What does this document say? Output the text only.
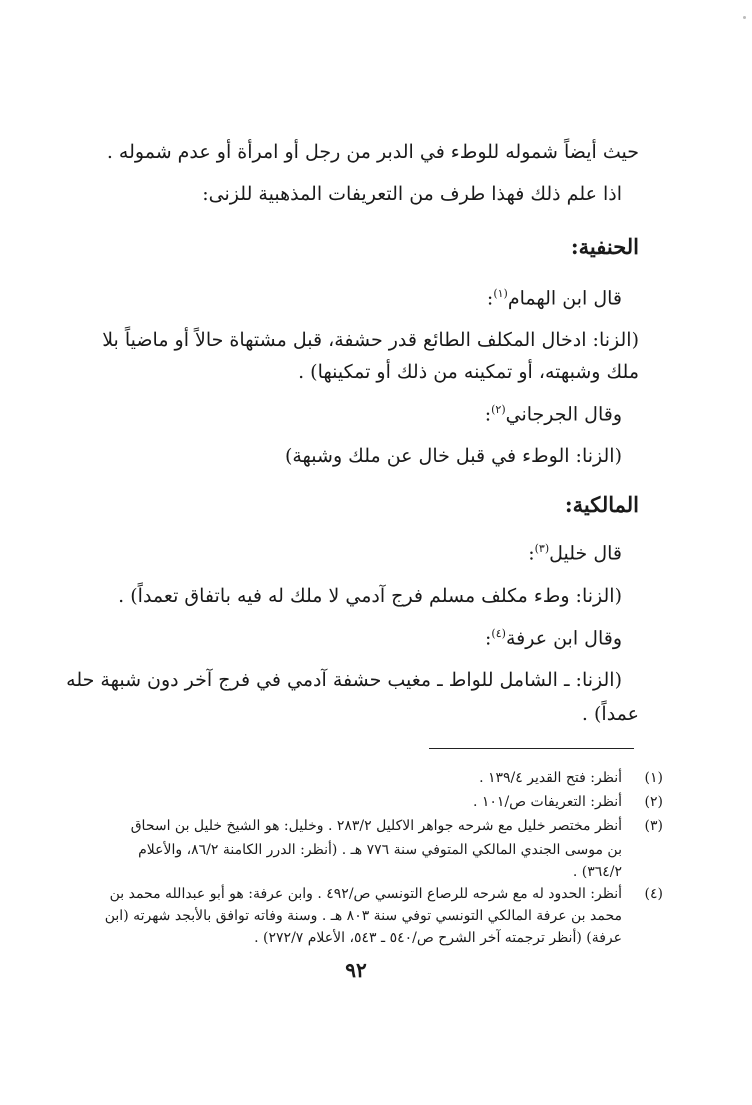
حيث أيضاً شموله للوطء في الدبر من رجل أو امرأة أو عدم شموله .
اذا علم ذلك فهذا طرف من التعريفات المذهبية للزنى:
الحنفية:
قال ابن الهمام$^{(١)}$:
(الزنا: ادخال المكلف الطائع قدر حشفة، قبل مشتهاة حالاً أو ماضياً بلا
ملك وشبهته، أو تمكينه من ذلك أو تمكينها) .
وقال الجرجاني$^{(٢)}$:
(الزنا: الوطء في قبل خال عن ملك وشبهة)
المالكية:
قال خليل$^{(٣)}$:
(الزنا: وطء مكلف مسلم فرج آدمي لا ملك له فيه باتفاق تعمداً) .
وقال ابن عرفة$^{(٤)}$:
(الزنا: ـ الشامل للواط ـ مغيب حشفة آدمي في فرج آخر دون شبهة حله
عمداً) .
(١)
أنظر: فتح القدير ١٣٩/٤ .
(٢)
أنظر: التعريفات ص/١٠١ .
(٣)
أنظر مختصر خليل مع شرحه جواهر الاكليل ٢٨٣/٢ . وخليل: هو الشيخ خليل بن اسحاق
بن موسى الجندي المالكي المتوفي سنة ٧٧٦ هـ . (أنظر: الدرر الكامنة ٨٦/٢، والأعلام
٣٦٤/٢) .
(٤)
أنظر: الحدود له مع شرحه للرصاع التونسي ص/٤٩٢ . وابن عرفة: هو أبو عبدالله محمد بن
محمد بن عرفة المالكي التونسي توفي سنة ٨٠٣ هـ . وسنة وفاته توافق بالأبجد شهرته (ابن
عرفة) (أنظر ترجمته آخر الشرح ص/٥٤٠ ـ ٥٤٣، الأعلام ٢٧٢/٧) .
٩٢
